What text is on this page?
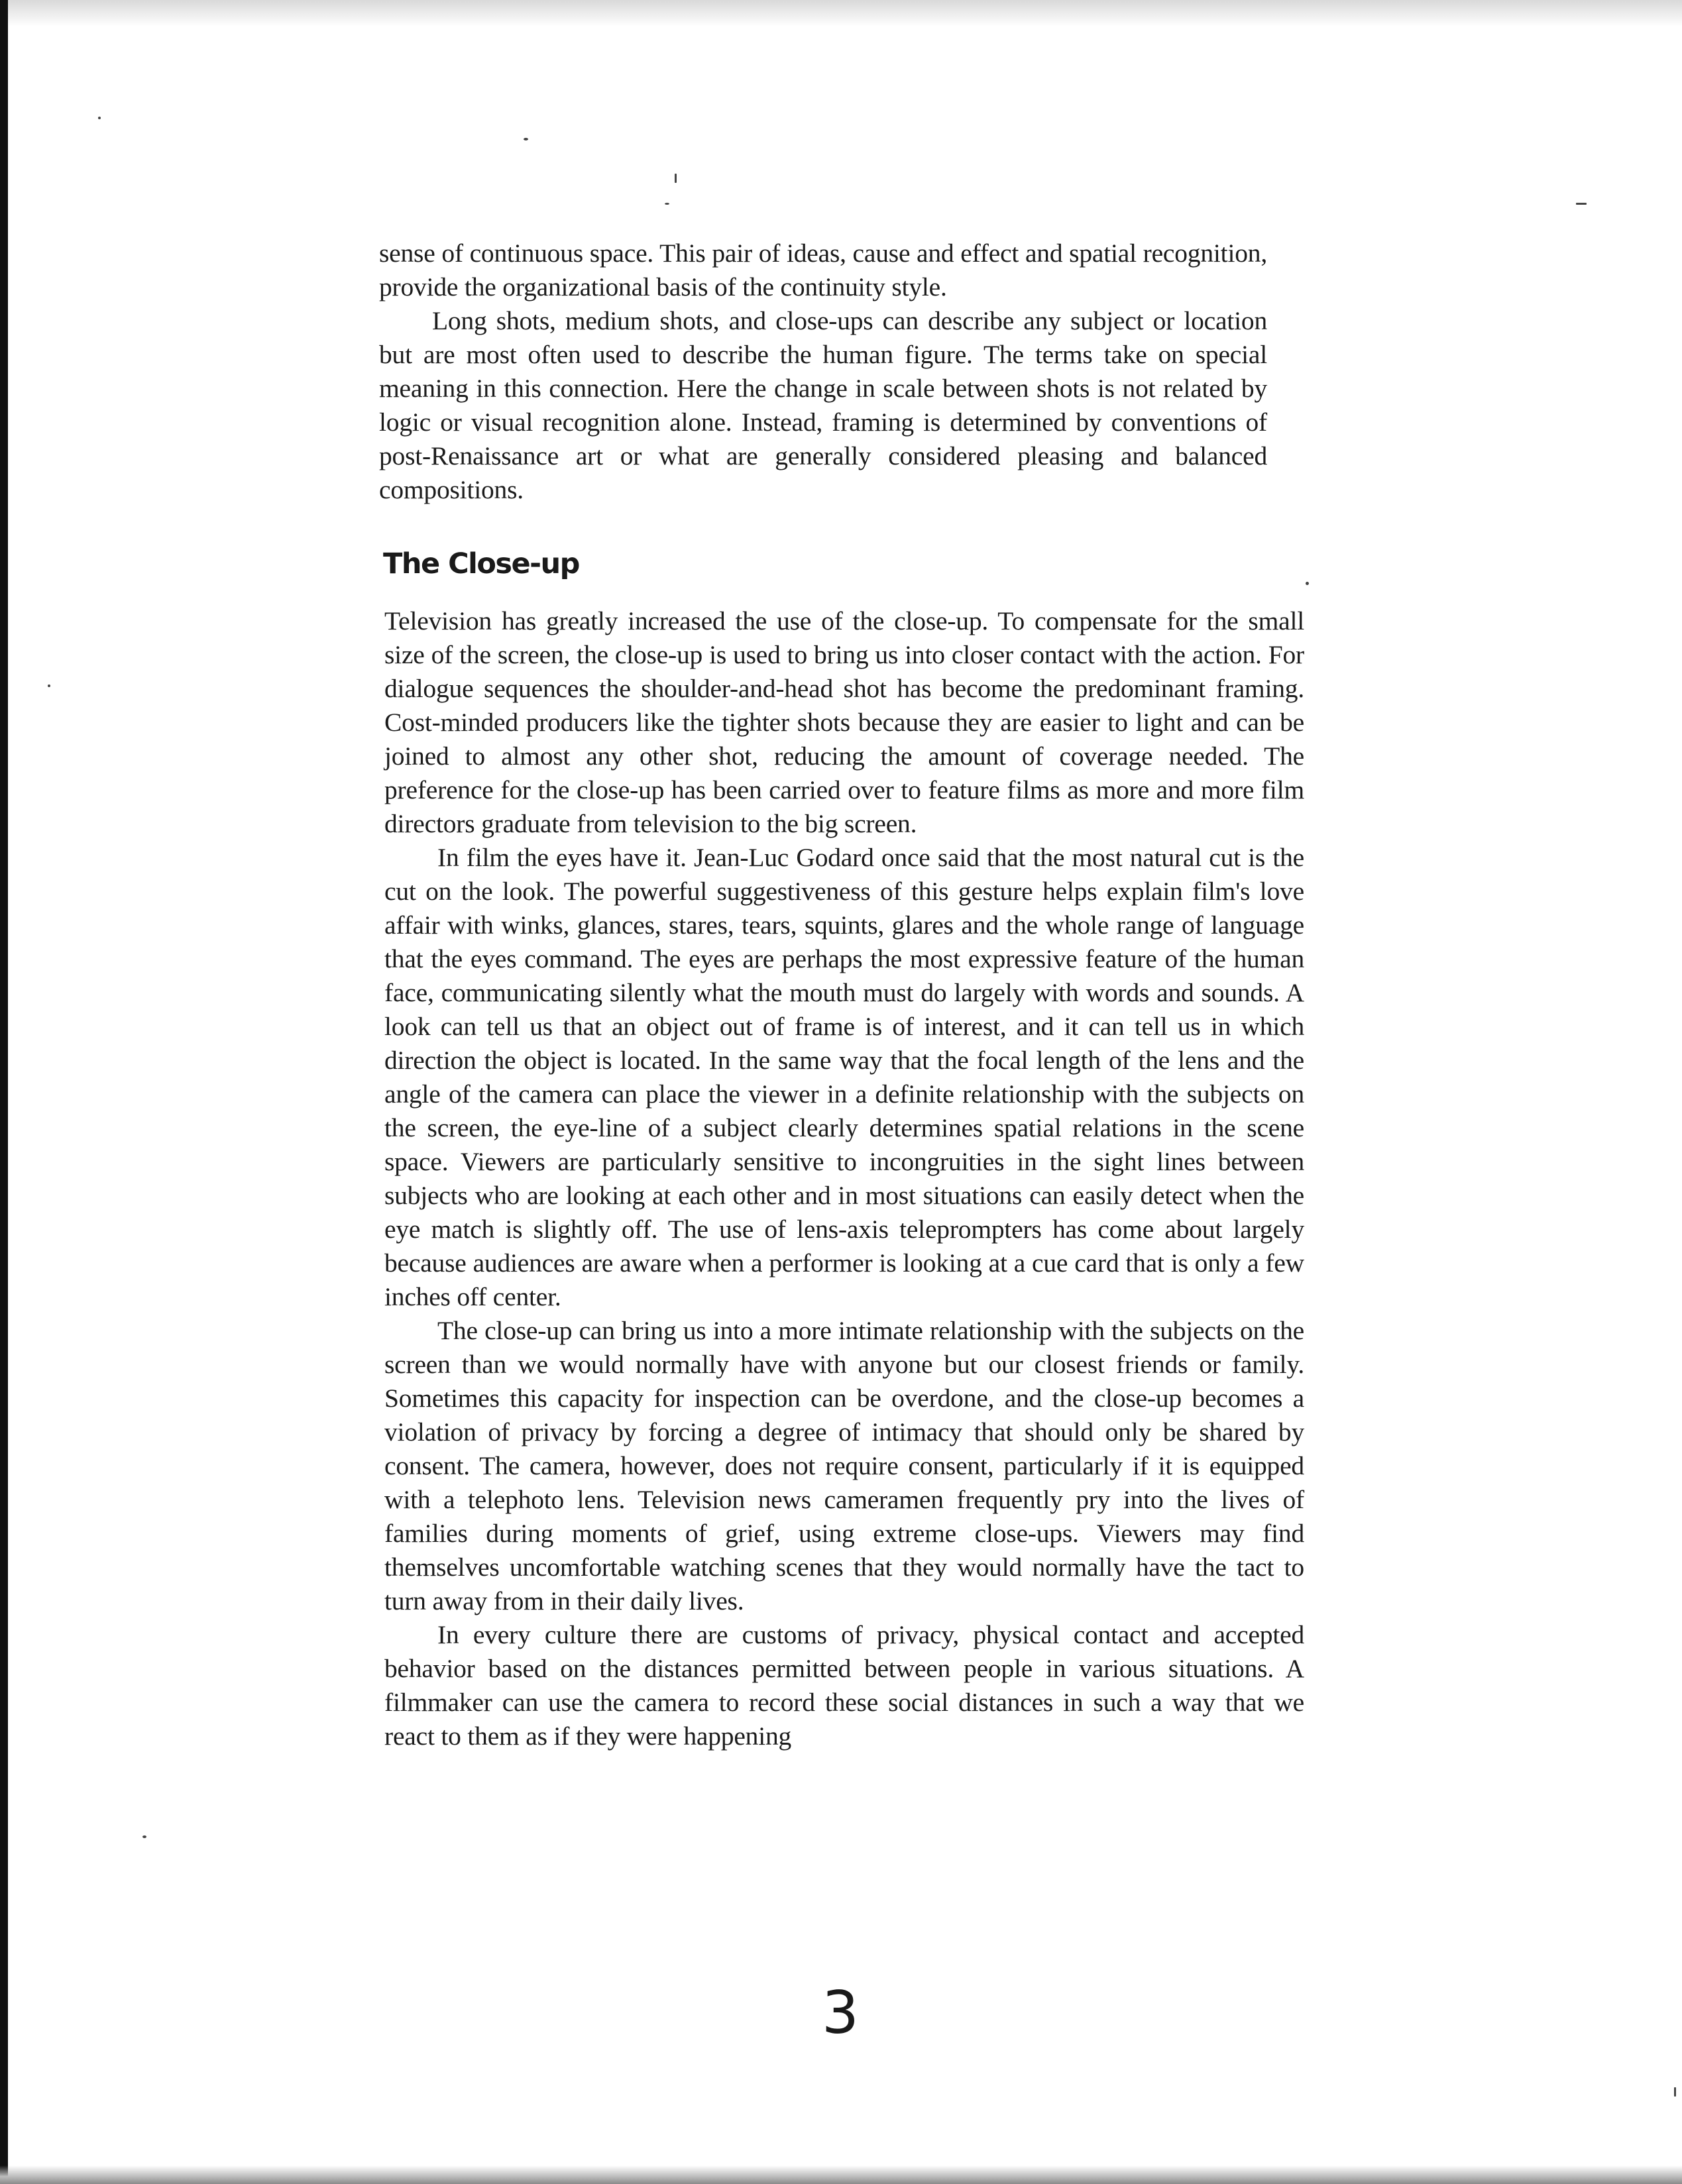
sense of continuous space. This pair of ideas, cause and effect and spatial recognition, provide the organizational basis of the continuity style.

Long shots, medium shots, and close-ups can describe any subject or location but are most often used to describe the human figure. The terms take on special meaning in this connection. Here the change in scale between shots is not related by logic or visual recognition alone. Instead, framing is determined by conventions of post-Renaissance art or what are generally considered pleasing and balanced compositions.

The Close-up

Television has greatly increased the use of the close-up. To compensate for the small size of the screen, the close-up is used to bring us into closer contact with the action. For dialogue sequences the shoulder-and-head shot has become the predominant framing. Cost-minded producers like the tighter shots because they are easier to light and can be joined to almost any other shot, reducing the amount of coverage needed. The preference for the close-up has been carried over to feature films as more and more film directors graduate from television to the big screen.

In film the eyes have it. Jean-Luc Godard once said that the most natural cut is the cut on the look. The powerful suggestiveness of this gesture helps explain film's love affair with winks, glances, stares, tears, squints, glares and the whole range of language that the eyes command. The eyes are perhaps the most expressive feature of the human face, communicating silently what the mouth must do largely with words and sounds. A look can tell us that an object out of frame is of interest, and it can tell us in which direction the object is located. In the same way that the focal length of the lens and the angle of the camera can place the viewer in a definite relationship with the subjects on the screen, the eye-line of a subject clearly determines spatial relations in the scene space. Viewers are particularly sensitive to incongruities in the sight lines between subjects who are looking at each other and in most situations can easily detect when the eye match is slightly off. The use of lens-axis teleprompters has come about largely because audiences are aware when a performer is looking at a cue card that is only a few inches off center.

The close-up can bring us into a more intimate relationship with the subjects on the screen than we would normally have with anyone but our closest friends or family. Sometimes this capacity for inspection can be overdone, and the close-up becomes a violation of privacy by forcing a degree of intimacy that should only be shared by consent. The camera, however, does not require consent, particularly if it is equipped with a telephoto lens. Television news cameramen frequently pry into the lives of families during moments of grief, using extreme close-ups. Viewers may find themselves uncomfortable watching scenes that they would normally have the tact to turn away from in their daily lives.

In every culture there are customs of privacy, physical contact and accepted behavior based on the distances permitted between people in various situations. A filmmaker can use the camera to record these social distances in such a way that we react to them as if they were happening

3
